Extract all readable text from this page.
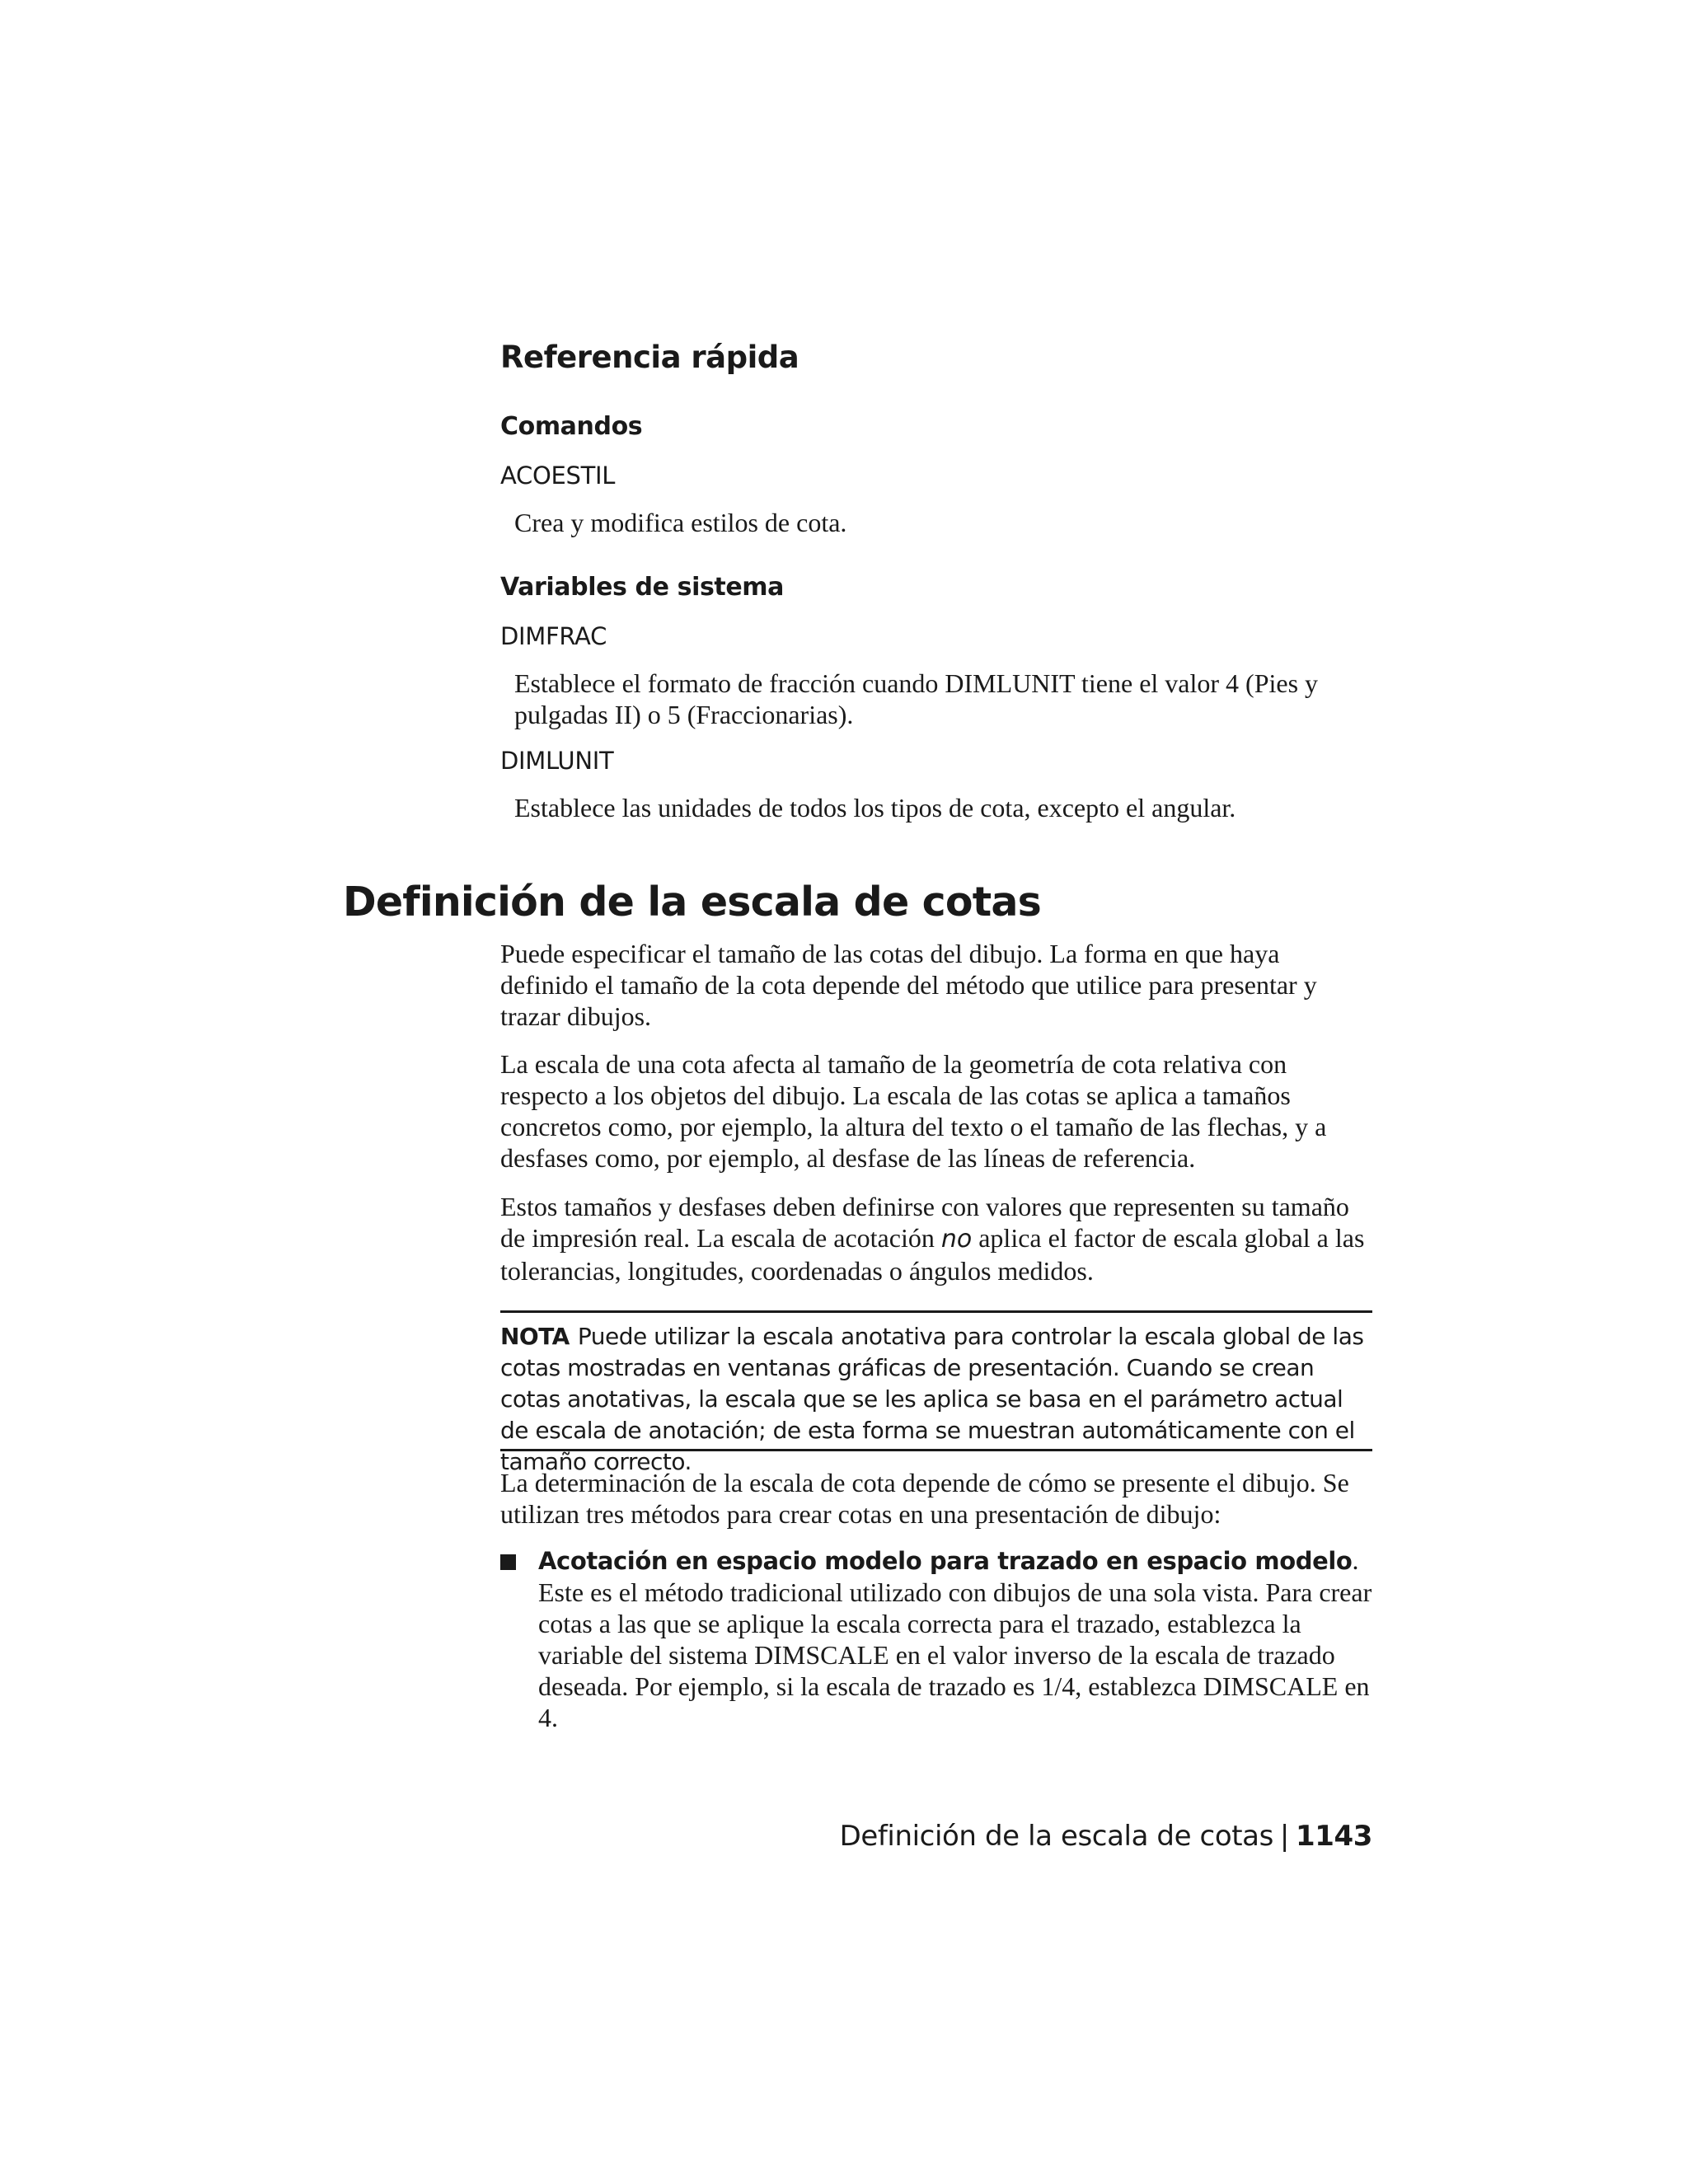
Referencia rápida
Comandos
ACOESTIL
Crea y modifica estilos de cota.
Variables de sistema
DIMFRAC
Establece el formato de fracción cuando DIMLUNIT tiene el valor 4 (Pies y pulgadas II) o 5 (Fraccionarias).
DIMLUNIT
Establece las unidades de todos los tipos de cota, excepto el angular.
Definición de la escala de cotas
Puede especificar el tamaño de las cotas del dibujo. La forma en que haya definido el tamaño de la cota depende del método que utilice para presentar y trazar dibujos.
La escala de una cota afecta al tamaño de la geometría de cota relativa con respecto a los objetos del dibujo. La escala de las cotas se aplica a tamaños concretos como, por ejemplo, la altura del texto o el tamaño de las flechas, y a desfases como, por ejemplo, al desfase de las líneas de referencia.
Estos tamaños y desfases deben definirse con valores que representen su tamaño de impresión real. La escala de acotación no aplica el factor de escala global a las tolerancias, longitudes, coordenadas o ángulos medidos.
NOTA Puede utilizar la escala anotativa para controlar la escala global de las cotas mostradas en ventanas gráficas de presentación. Cuando se crean cotas anotativas, la escala que se les aplica se basa en el parámetro actual de escala de anotación; de esta forma se muestran automáticamente con el tamaño correcto.
La determinación de la escala de cota depende de cómo se presente el dibujo. Se utilizan tres métodos para crear cotas en una presentación de dibujo:
Acotación en espacio modelo para trazado en espacio modelo. Este es el método tradicional utilizado con dibujos de una sola vista. Para crear cotas a las que se aplique la escala correcta para el trazado, establezca la variable del sistema DIMSCALE en el valor inverso de la escala de trazado deseada. Por ejemplo, si la escala de trazado es 1/4, establezca DIMSCALE en 4.
Definición de la escala de cotas | 1143
